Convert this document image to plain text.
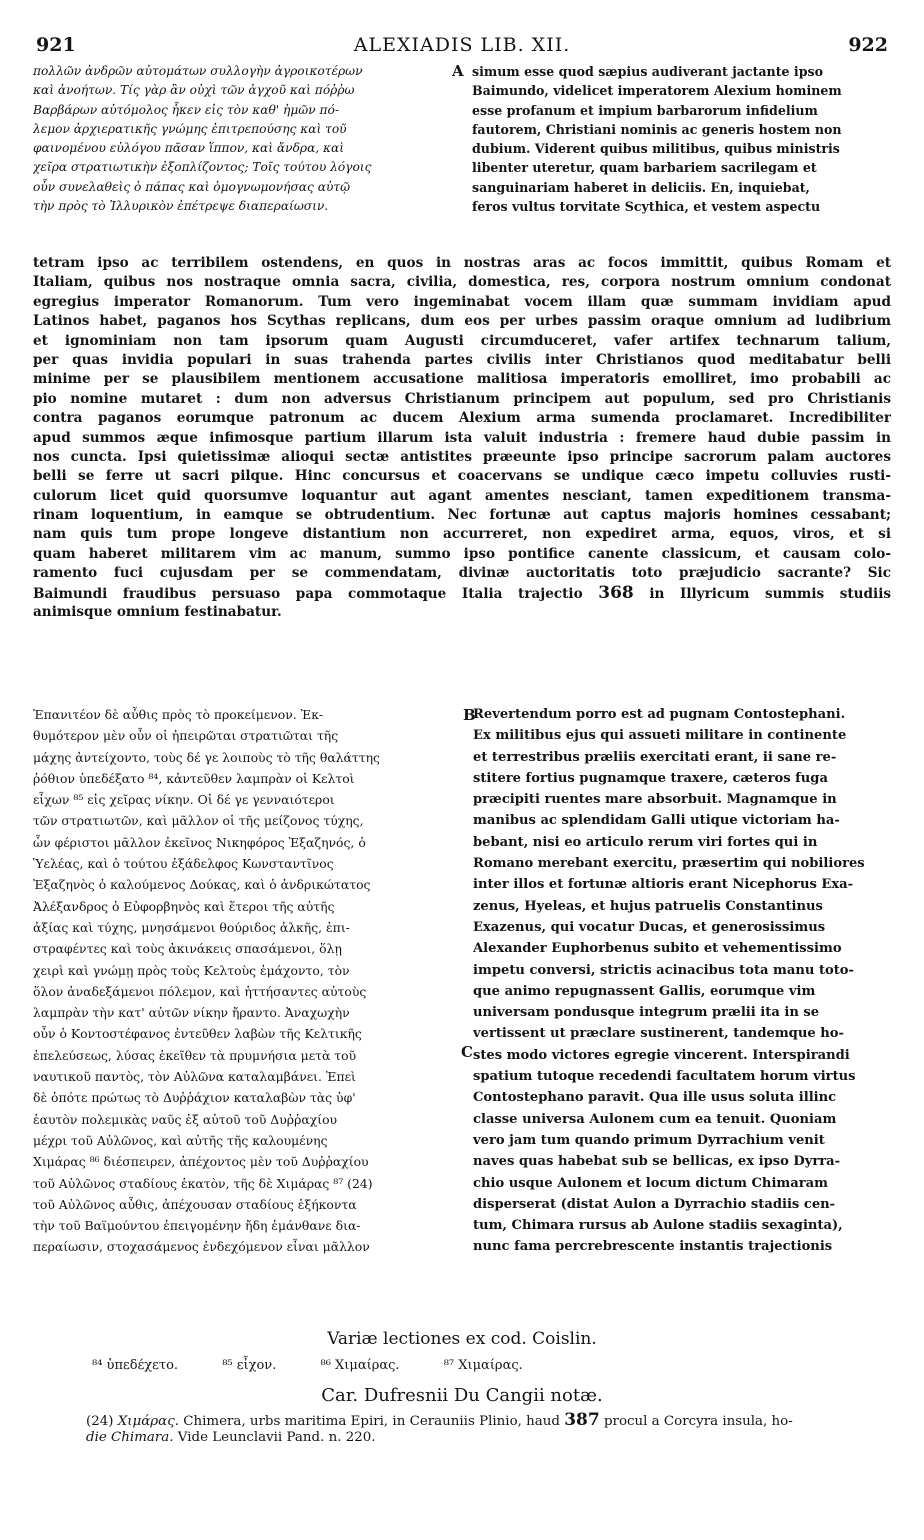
921	ALEXIADIS LIB. XII.	922
πολλῶν ἀνδρῶν αὐτομάτων συλλογὴν ἀγροικοτέρων
καὶ ἀνοήτων. Τίς γὰρ ἂν οὐχὶ τῶν ἀγχοῦ καὶ πόῤῥω
Βαρβάρων αὐτόμολος ἧκεν εἰς τὸν καθ' ἡμῶν πό-
λεμον ἀρχιερατικῆς γνώμης ἐπιτρεπούσης καὶ τοῦ
φαινομένου εὐλόγου πᾶσαν ἵππον, καὶ ἄνδρα, καὶ
χεῖρα στρατιωτικὴν ἐξοπλίζοντος; Τοῖς τούτου λόγοις
οὖν συνελαθεὶς ὁ πάπας καὶ ὁμογνωμονήσας αὐτῷ
τὴν πρὸς τὸ Ἰλλυρικὸν ἐπέτρεψε διαπεραίωσιν.
A simum esse quod sæpius audiverant jactante ipso
Baimundo, videlicet imperatorem Alexium hominem
esse profanum et impium barbarorum infidelium
fautorem, Christiani nominis ac generis hostem non
dubium. Viderent quibus militibus, quibus ministris
libenter uteretur, quam barbariem sacrilegam et
sanguinariam haberet in deliciis. En, inquiebat,
feros vultus torvitate Scythica, et vestem aspectu
tetram ipso ac terribilem ostendens, en quos in nostras aras ac focos immittit, quibus Romam et
Italiam, quibus nos nostraque omnia sacra, civilia, domestica, res, corpora nostrum omnium condonat
egregius imperator Romanorum. Tum vero ingeminabat vocem illam quæ summam invidiam apud
Latinos habet, paganos hos Scythas replicans, dum eos per urbes passim oraque omnium ad ludibrium
et ignominiam non tam ipsorum quam Augusti circumduceret, vafer artifex technarum talium,
per quas invidia populari in suas trahenda partes civilis inter Christianos quod meditabatur belli
minime per se plausibilem mentionem accusatione malitiosa imperatoris emolliret, imo probabili ac
pio nomine mutaret : dum non adversus Christianum principem aut populum, sed pro Christianis
contra paganos eorumque patronum ac ducem Alexium arma sumenda proclamaret. Incredibiliter
apud summos æque infimosque partium illarum ista valuit industria : fremere haud dubie passim in
nos cuncta. Ipsi quietissimæ alioqui sectæ antistites præeunte ipso principe sacrorum palam auctores
belli se ferre ut sacri pilque. Hinc concursus et coacervans se undique cæco impetu colluvies rusti-
culorum licet quid quorsumve loquantur aut agant amentes nesciant, tamen expeditionem transma-
rinam loquentium, in eamque se obtrudentium. Nec fortunæ aut captus majoris homines cessabant;
nam quis tum prope longeve distantium non accurreret, non expediret arma, equos, viros, et si
quam haberet militarem vim ac manum, summo ipso pontifice canente classicum, et causam colo-
ramento fuci cujusdam per se commendatam, divinæ auctoritatis toto præjudicio sacrante? Sic
Baimundi fraudibus persuaso papa commotaque Italia trajectio 368 in Illyricum summis studiis
animisque omnium festinabatur.
Ἐπανιτέον δὲ αὖθις πρὸς τὸ προκείμενον. Ἐκ-
θυμότερον μὲν οὖν οἱ ἠπειρῶται στρατιῶται τῆς
μάχης ἀντείχοντο, τοὺς δέ γε λοιποὺς τὸ τῆς θαλάττης
ῥόθιον ὑπεδέξατο ⁸⁴, κἀντεῦθεν λαμπρὰν οἱ Κελτοὶ
εἶχων ⁸⁵ εἰς χεῖρας νίκην. Οἱ δέ γε γενναιότεροι
τῶν στρατιωτῶν, καὶ μᾶλλον οἱ τῆς μείζονος τύχης,
ὧν φέριστοι μᾶλλον ἐκεῖνος Νικηφόρος Ἐξαζηνός, ὁ
Ὑελέας, καὶ ὁ τούτου ἐξάδελφος Κωνσταντῖνος
Ἐξαζηνὸς ὁ καλούμενος Δούκας, καὶ ὁ ἀνδρικώτατος
Ἀλέξανδρος ὁ Εὐφορβηνὸς καὶ ἕτεροι τῆς αὐτῆς
ἀξίας καὶ τύχης, μνησάμενοι θούριδος ἀλκῆς, ἐπι-
στραφέντες καὶ τοὺς ἀκινάκεις σπασάμενοι, ὅλῃ
χειρὶ καὶ γνώμῃ πρὸς τοὺς Κελτοὺς ἐμάχοντο, τὸν
ὅλον ἀναδεξάμενοι πόλεμον, καὶ ἡττήσαντες αὐτοὺς
λαμπρὰν τὴν κατ' αὐτῶν νίκην ἤραντο. Ἀναχωχὴν
οὖν ὁ Κοντοστέφανος ἐντεῦθεν λαβὼν τῆς Κελτικῆς
ἐπελεύσεως, λύσας ἐκεῖθεν τὰ πρυμνήσια μετὰ τοῦ
ναυτικοῦ παντὸς, τὸν Αὐλῶνα καταλαμβάνει. Ἐπεὶ
δὲ ὁπότε πρώτως τὸ Δυῤῥάχιον καταλαβὼν τὰς ὑφ'
ἑαυτὸν πολεμικὰς ναῦς ἐξ αὐτοῦ τοῦ Δυῤῥαχίου
μέχρι τοῦ Αὐλῶνος, καὶ αὐτῆς τῆς καλουμένης
Χιμάρας ⁸⁶ διέσπειρεν, ἀπέχοντος μὲν τοῦ Δυῤῥαχίου
τοῦ Αὐλῶνος σταδίους ἑκατὸν, τῆς δὲ Χιμάρας ⁸⁷ (24)
τοῦ Αὐλῶνος αὖθις, ἀπέχουσαν σταδίους ἑξήκοντα
τὴν τοῦ Βαϊμούντου ἐπειγομένην ἤδη ἐμάνθανε δια-
περαίωσιν, στοχασάμενος ἐνδεχόμενον εἶναι μᾶλλον
B
C
Revertendum porro est ad pugnam Contostephani.
Ex militibus ejus qui assueti militare in continente
et terrestribus præliis exercitati erant, ii sane re-
stitere fortius pugnamque traxere, cæteros fuga
præcipiti ruentes mare absorbuit. Magnamque in
manibus ac splendidam Galli utique victoriam ha-
bebant, nisi eo articulo rerum viri fortes qui in
Romano merebant exercitu, præsertim qui nobiliores
inter illos et fortunæ altioris erant Nicephorus Exa-
zenus, Hyeleas, et hujus patruelis Constantinus
Exazenus, qui vocatur Ducas, et generosissimus
Alexander Euphorbenus subito et vehementissimo
impetu conversi, strictis acinacibus tota manu toto-
que animo repugnassent Gallis, eorumque vim
universam pondusque integrum prælii ita in se
vertissent ut præclare sustinerent, tandemque ho-
stes modo victores egregie vincerent. Interspirandi
spatium tutoque recedendi facultatem horum virtus
Contostephano paravit. Qua ille usus soluta illinc
classe universa Aulonem cum ea tenuit. Quoniam
vero jam tum quando primum Dyrrachium venit
naves quas habebat sub se bellicas, ex ipso Dyrra-
chio usque Aulonem et locum dictum Chimaram
disperserat (distat Aulon a Dyrrachio stadiis cen-
tum, Chimara rursus ab Aulone stadiis sexaginta),
nunc fama percrebrescente instantis trajectionis
Variæ lectiones ex cod. Coislin.
⁸⁴ ὑπεδέχετο.	⁸⁵ εἶχον.	⁸⁶ Χιμαίρας.	⁸⁷ Χιμαίρας.
Car. Dufresnii Du Cangii notæ.
(24) Χιμάρας. Chimera, urbs maritima Epiri, in Cerauniis Plinio, haud 387 procul a Corcyra insula, ho-
die Chimara. Vide Leunclavii Pand. n. 220.
